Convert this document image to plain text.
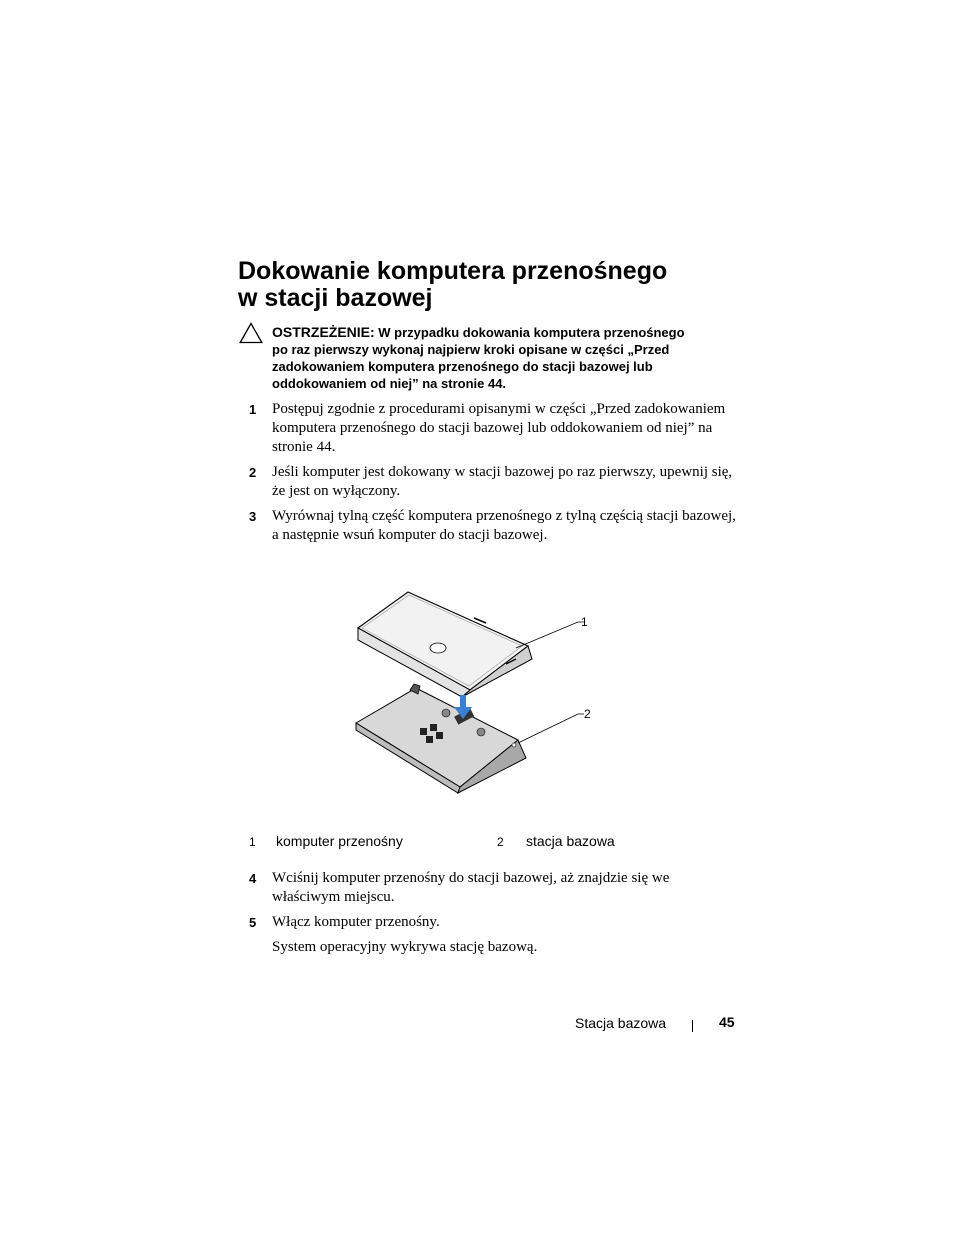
Dokowanie komputera przenośnego
w stacji bazowej
OSTRZEŻENIE: W przypadku dokowania komputera przenośnego
po raz pierwszy wykonaj najpierw kroki opisane w części „Przed
zadokowaniem komputera przenośnego do stacji bazowej lub
oddokowaniem od niej” na stronie 44.
1 Postępuj zgodnie z procedurami opisanymi w części „Przed zadokowaniem
komputera przenośnego do stacji bazowej lub oddokowaniem od niej” na
stronie 44.
2 Jeśli komputer jest dokowany w stacji bazowej po raz pierwszy, upewnij się,
że jest on wyłączony.
3 Wyrównaj tylną część komputera przenośnego z tylną częścią stacji bazowej,
a następnie wsuń komputer do stacji bazowej.
1
2
1 komputer przenośny	2 stacja bazowa
4 Wciśnij komputer przenośny do stacji bazowej, aż znajdzie się we
właściwym miejscu.
5 Włącz komputer przenośny.
System operacyjny wykrywa stację bazową.
Stacja bazowa	45
